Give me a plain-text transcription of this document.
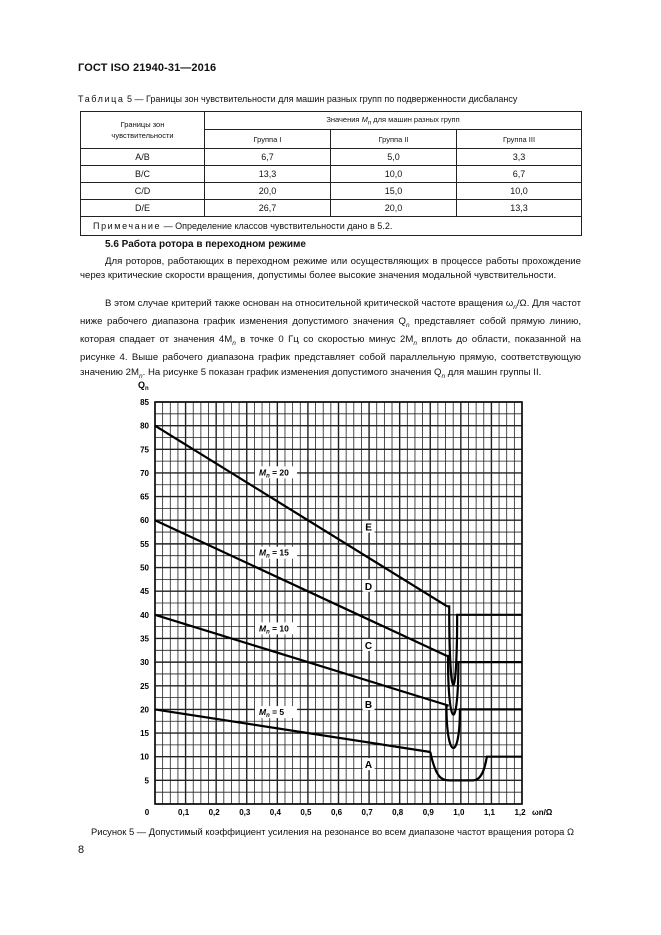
ГОСТ ISO 21940-31—2016
Таблица 5 — Границы зон чувствительности для машин разных групп по подверженности дисбалансу
Границы зон
чувствительности	Значения $M_n$ для машин разных групп		
	Группа I	Группа II	Группа III
A/B	6,7	5,0	3,3
B/C	13,3	10,0	6,7
C/D	20,0	15,0	10,0
D/E	26,7	20,0	13,3
Примечание — Определение классов чувствительности дано в 5.2.			
5.6 Работа ротора в переходном режиме

Для роторов, работающих в переходном режиме или осуществляющих в процессе работы прохождение через критические скорости вращения, допустимы более высокие значения модальной чувствительности.

В этом случае критерий также основан на относительной критической частоте вращения $\omega_n/\Omega$. Для частот ниже рабочего диапазона график изменения допустимого значения $Q_n$ представляет собой прямую линию, которая спадает от значения $4M_n$ в точке 0 Гц со скоростью минус $2M_n$ вплоть до области, показанной на рисунке 4. Выше рабочего диапазона график представляет собой параллельную прямую, соответствующую значению $2M_n$. На рисунке 5 показан график изменения допустимого значения $Q_n$ для машин группы II.

0	0,1 0,2 0,3 0,4 0,5 0,6 0,7 0,8 0,9 1,0 1,1 1,2
5
10
15
20
25
30
35
40
45
50
55
60
65
70
75
80
85
$Q_n$
ωn/Ω
$M_n = 20$
$M_n = 15$
$M_n = 10$
$M_n = 5$
E
D
C
B
A
Рисунок 5 — Допустимый коэффициент усиления на резонансе во всем диапазоне частот вращения ротора Ω
8
